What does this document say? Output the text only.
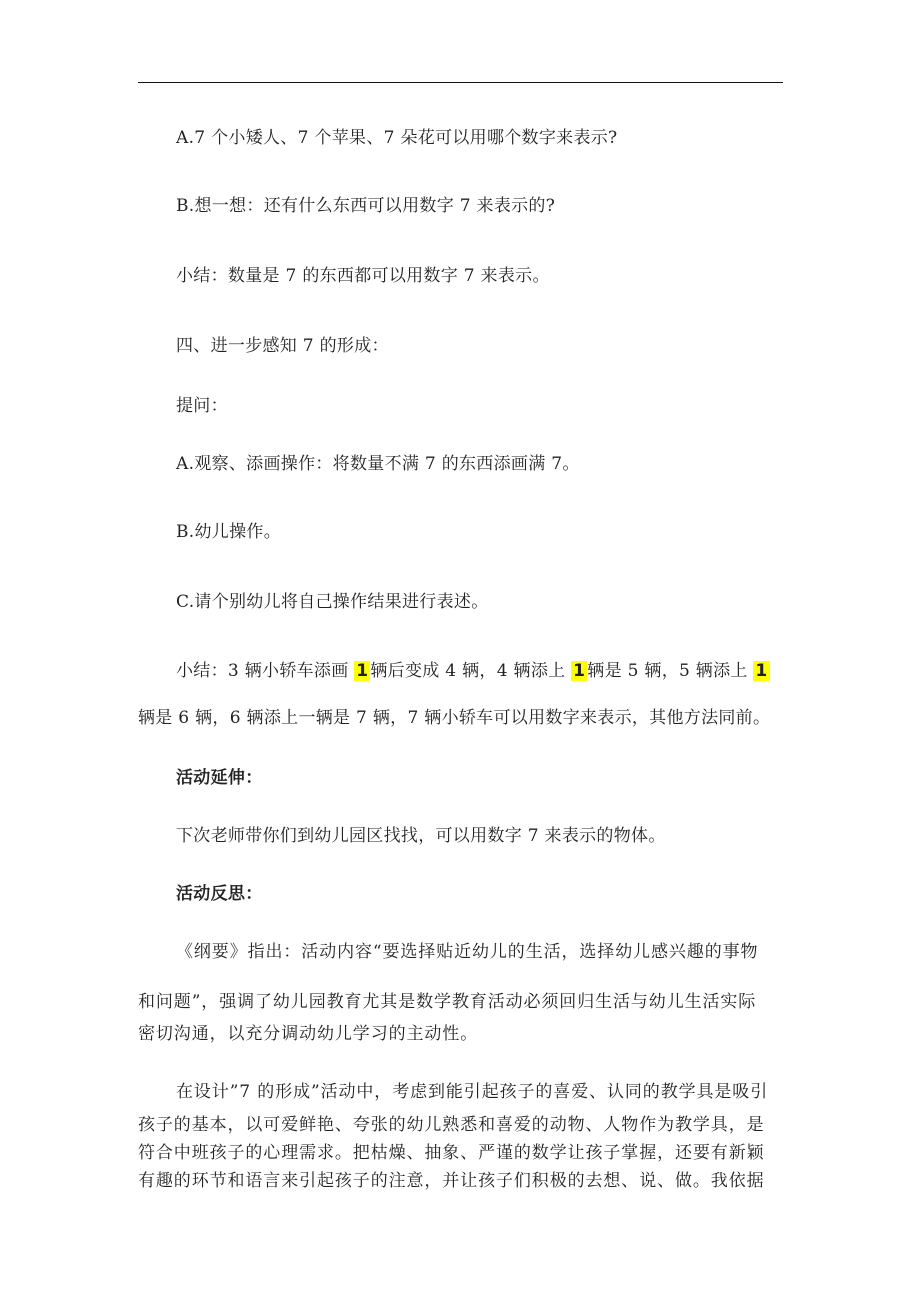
A.7 个小矮人、7 个苹果、7 朵花可以用哪个数字来表示?
B.想一想：还有什么东西可以用数字 7 来表示的?
小结：数量是 7 的东西都可以用数字 7 来表示。
四、进一步感知 7 的形成：
提问：
A.观察、添画操作：将数量不满 7 的东西添画满 7。
B.幼儿操作。
C.请个别幼儿将自己操作结果进行表述。
小结：3 辆小轿车添画 1 辆后变成 4 辆，4 辆添上 1 辆是 5 辆，5 辆添上 1
辆是 6 辆，6 辆添上一辆是 7 辆，7 辆小轿车可以用数字来表示，其他方法同前。
活动延伸：
下次老师带你们到幼儿园区找找，可以用数字 7 来表示的物体。
活动反思：
《纲要》指出：活动内容“要选择贴近幼儿的生活，选择幼儿感兴趣的事物
和问题”，强调了幼儿园教育尤其是数学教育活动必须回归生活与幼儿生活实际
密切沟通，以充分调动幼儿学习的主动性。
在设计”7 的形成”活动中，考虑到能引起孩子的喜爱、认同的教学具是吸引
孩子的基本，以可爱鲜艳、夸张的幼儿熟悉和喜爱的动物、人物作为教学具，是
符合中班孩子的心理需求。把枯燥、抽象、严谨的数学让孩子掌握，还要有新颖
有趣的环节和语言来引起孩子的注意，并让孩子们积极的去想、说、做。我依据
